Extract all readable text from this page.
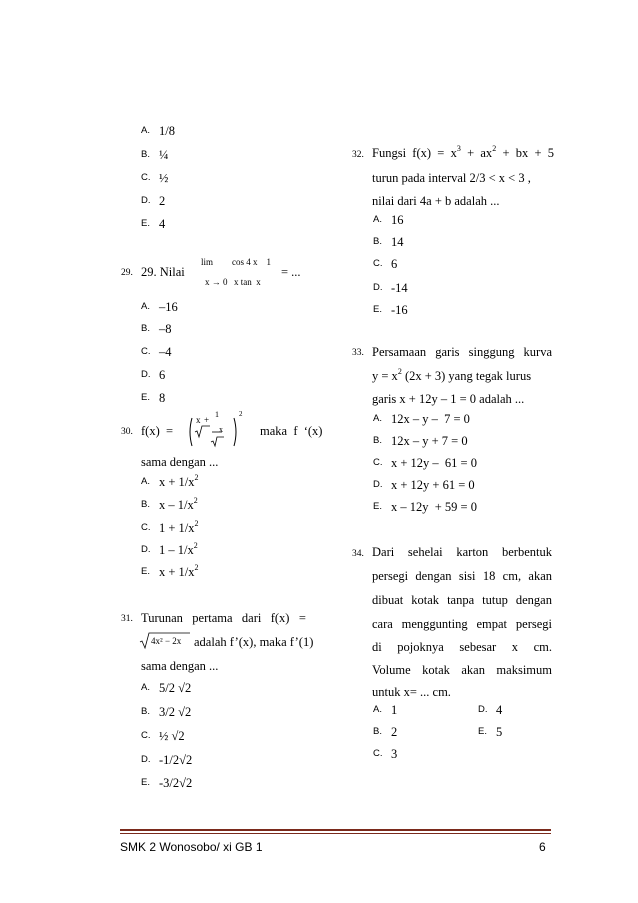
A. 1/8
B. ¼
C. ½
D. 2
E. 4
29. 29. Nilai
lim
x → 0
cos 4 x    1
x tan  x
= ...
A. –16
B. –8
C. –4
D. 6
E. 8
30. f(x)  =
x +
1
x
2
maka  f  ‘(x)
sama dengan ...
A. $x + 1/x^2$
B. x – $1/x^2$
C. $1 + 1/x^2$
D. $1 - 1/x^2$
E. $x + 1/x^2$
31. Turunan   pertama   dari   f(x)   =
4x² − 2x adalah f’(x), maka f’(1)
sama dengan ...
A. 5/2 √2
B. 3/2 √2
C. ½ √2
D. -1/2√2
E. -3/2√2
32. Fungsi  $f(x) = x^3 + ax^2$  +  bx  +  5
turun pada interval 2/3 < x < 3 ,
nilai dari 4a + b adalah ...
A. 16
B. 14
C. 6
D. -14
E. -16
33. Persamaan garis singgung kurva
$y = x^2$ (2x + 3) yang tegak lurus
garis x + 12y – 1 = 0 adalah ...
A. 12x – y –  7 = 0
B. 12x – y + 7 = 0
C. x + 12y –  61 = 0
D. x + 12y + 61 = 0
E. x – 12y  + 59 = 0
34. Dari  sehelai  karton  berbentuk
persegi  dengan  sisi  18  cm,  akan
dibuat kotak tanpa tutup dengan
cara menggunting empat persegi
di   pojoknya   sebesar   x   cm.
Volume kotak akan maksimum
untuk x= ... cm.
A. 1	D. 4
B. 2	E. 5
C. 3
SMK 2 Wonosobo/ xi GB 1	6
